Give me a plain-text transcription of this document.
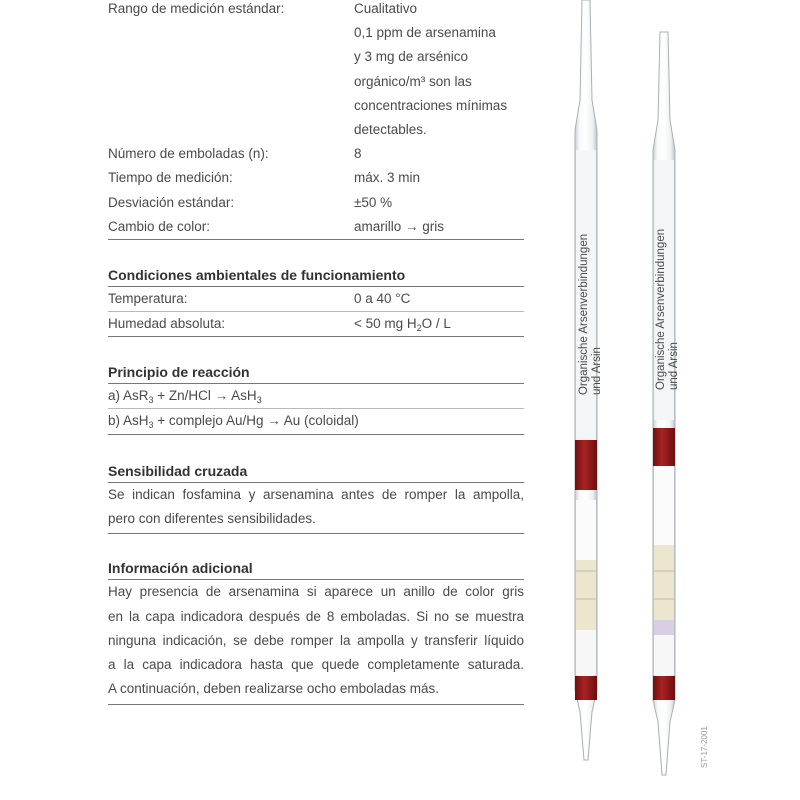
Rango de medición estándar:	Cualitativo
0,1 ppm de arsenamina
y 3 mg de arsénico
orgánico/m³ son las
concentraciones mínimas
detectables.
Número de emboladas (n):	8
Tiempo de medición:	máx. 3 min
Desviación estándar:	±50 %
Cambio de color:	amarillo → gris
Condiciones ambientales de funcionamiento
Temperatura:	0 a 40 °C
Humedad absoluta:	< 50 mg $H_2O$ / L
Principio de reacción
a) AsR$_3$ + Zn/HCl → AsH$_3$
b) AsH$_3$ + complejo Au/Hg → Au (coloidal)
Sensibilidad cruzada
Se indican fosfamina y arsenamina antes de romper la ampolla,
pero con diferentes sensibilidades.
Información adicional
Hay presencia de arsenamina si aparece un anillo de color gris
en la capa indicadora después de 8 emboladas. Si no se muestra
ninguna indicación, se debe romper la ampolla y transferir líquido
a la capa indicadora hasta que quede completamente saturada.
A continuación, deben realizarse ocho emboladas más.
Organische Arsenverbindungen	Organische Arsenverbindungen und Arsin
und Arsin
ST-17-2001
